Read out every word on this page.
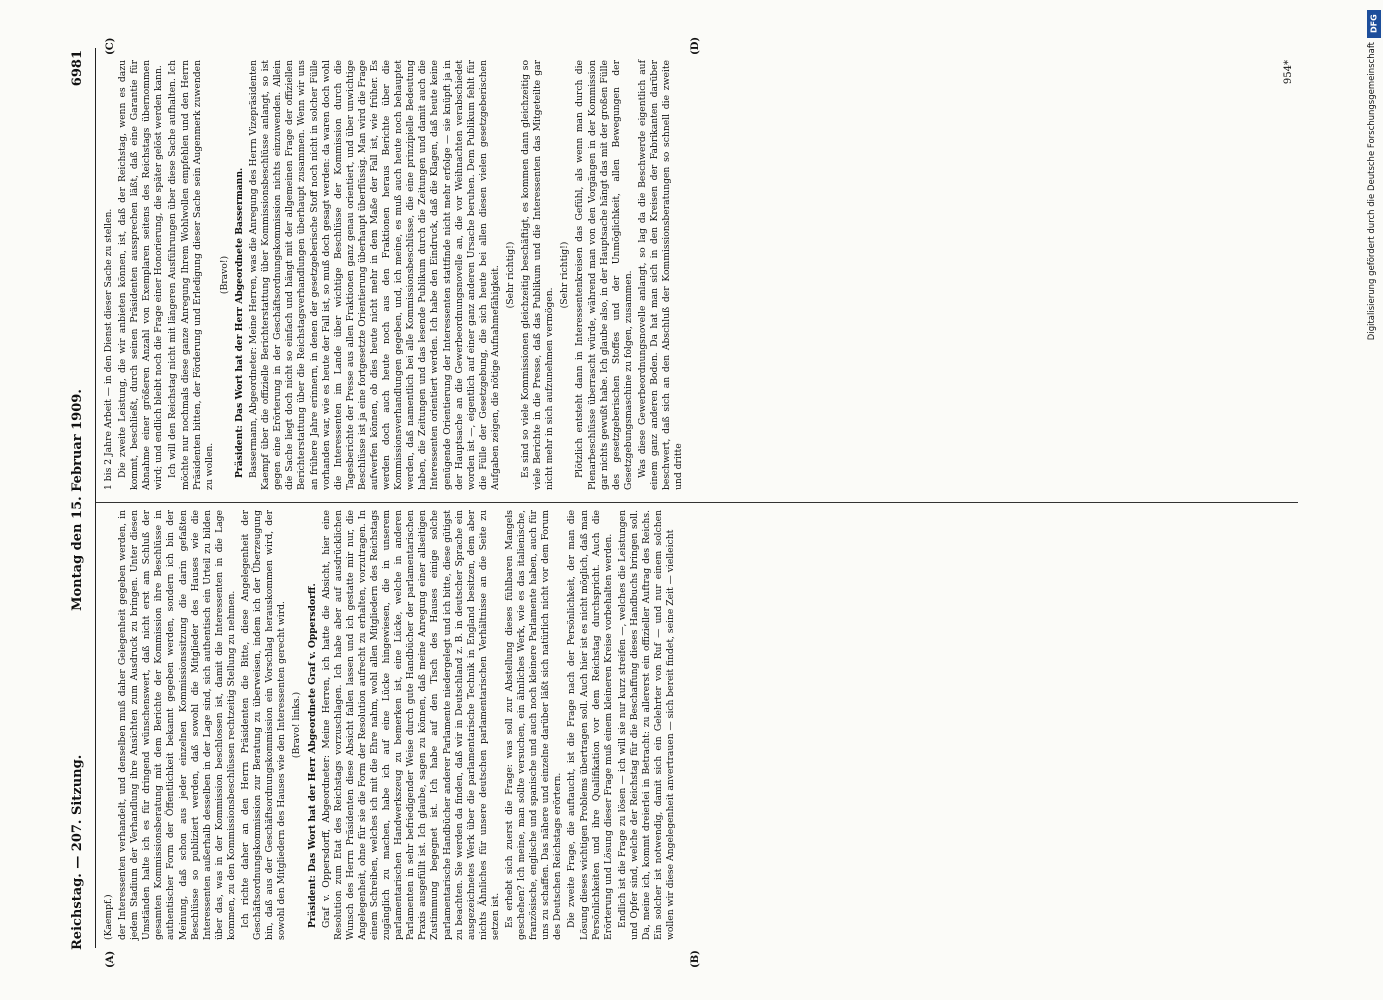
Reichstag. — 207. Sitzung.
Montag den 15. Februar 1909.
6981
(A)	(B)
(C)	(D)

(Kaempf.) der Interessenten verhandelt, und denselben muß daher Gelegenheit gegeben werden, in jedem Stadium der Verhandlung ihre Ansichten zum Ausdruck zu bringen. Unter diesen Umständen halte ich es für dringend wünschenswert, daß nicht erst am Schluß der gesamten Kommissionsberatung mit dem Berichte der Kommission ihre Beschlüsse in authentischer Form der Öffentlichkeit bekannt gegeben werden, sondern ich bin der Meinung, daß schon aus jeder einzelnen Kommissionssitzung die darin gefaßten Beschlüsse so publiziert werden, daß sowohl die Mitglieder des Hauses wie die Interessenten außerhalb desselben in der Lage sind, sich authentisch ein Urteil zu bilden über das, was in der Kommission beschlossen ist, damit die Interessenten in die Lage kommen, zu den Kommissionsbeschlüssen rechtzeitig Stellung zu nehmen. Ich richte daher an den Herrn Präsidenten die Bitte, diese Angelegenheit der Geschäftsordnungskommission zur Beratung zu überweisen, indem ich der Überzeugung bin, daß aus der Geschäftsordnungskommission ein Vorschlag herauskommen wird, der sowohl den Mitgliedern des Hauses wie den Interessenten gerecht wird. (Bravo! links.) Präsident: Das Wort hat der Herr Abgeordnete Graf v. Oppersdorff. Graf v. Oppersdorff, Abgeordneter: Meine Herren, ich hatte die Absicht, hier eine Resolution zum Etat des Reichstags vorzuschlagen. Ich habe aber auf ausdrücklichen Wunsch des Herrn Präsidenten diese Absicht fallen lassen und ich gestatte mir nur, die Angelegenheit, ohne für sie die Form der Resolution aufrecht zu erhalten, vorzutragen. In einem Schreiben, welches ich mit die Ehre nahm, wohl allen Mitgliedern des Reichstags zugänglich zu machen, habe ich auf eine Lücke hingewiesen, die in unserem parlamentarischen Handwerkszeug zu bemerken ist, eine Lücke, welche in anderen Parlamenten in sehr befriedigender Weise durch gute Handbücher der parlamentarischen Praxis ausgefüllt ist. Ich glaube, sagen zu können, daß meine Anregung einer allseitigen Zustimmung begegnet ist. Ich habe auf den Tisch des Hauses einige solche parlamentarische Handbücher anderer Parlamente niedergelegt und ich bitte, diese gütigst zu beachten. Sie werden da finden, daß wir in Deutschland z. B. in deutscher Sprache ein ausgezeichnetes Werk über die parlamentarische Technik in England besitzen, dem aber nichts Ähnliches für unsere deutschen parlamentarischen Verhältnisse an die Seite zu setzen ist. Es erhebt sich zuerst die Frage: was soll zur Abstellung dieses fühlbaren Mangels geschehen? Ich meine, man sollte versuchen, ein ähnliches Werk, wie es das italienische, französische, englische und spanische und auch noch kleinere Parlamente haben, auch für uns zu schaffen. Das nähere und einzelne darüber läßt sich natürlich nicht vor dem Forum des Deutschen Reichstags erörtern. Die zweite Frage, die auftaucht, ist die Frage nach der Persönlichkeit, der man die Lösung dieses wichtigen Problems übertragen soll. Auch hier ist es nicht möglich, daß man Persönlichkeiten und ihre Qualifikation vor dem Reichstag durchspricht. Auch die Erörterung und Lösung dieser Frage muß einem kleineren Kreise vorbehalten werden. Endlich ist die Frage zu lösen — ich will sie nur kurz streifen —, welches die Leistungen und Opfer sind, welche der Reichstag für die Beschaffung dieses Handbuchs bringen soll. Da, meine ich, kommt dreierlei in Betracht: zu allererst ein offizieller Auftrag des Reichs. Ein solcher ist notwendig, damit sich ein Gelehrter von Ruf — und nur einem solchen wollen wir diese Angelegenheit anvertrauen — sich bereit findet, seine Zeit — vielleicht

1 bis 2 Jahre Arbeit — in den Dienst dieser Sache zu stellen. Die zweite Leistung, die wir anbieten können, ist, daß der Reichstag, wenn es dazu kommt, beschließt, durch seinen Präsidenten aussprechen läßt, daß eine Garantie für Abnahme einer größeren Anzahl von Exemplaren seitens des Reichstags übernommen wird; und endlich bleibt noch die Frage einer Honorierung, die später gelöst werden kann. Ich will den Reichstag nicht mit längeren Ausführungen über diese Sache aufhalten. Ich möchte nur nochmals diese ganze Anregung Ihrem Wohlwollen empfehlen und den Herrn Präsidenten bitten, der Förderung und Erledigung dieser Sache sein Augenmerk zuwenden zu wollen.

(Bravo!) Präsident: Das Wort hat der Herr Abgeordnete Bassermann. Bassermann, Abgeordneter: Meine Herren, was die Anregung des Herrn Vizepräsidenten Kaempf über die offizielle Berichterstattung über Kommissionsbeschlüsse anlangt, so ist gegen eine Erörterung in der Geschäftsordnungskommission nichts einzuwenden. Allein die Sache liegt doch nicht so einfach und hängt mit der allgemeinen Frage der offiziellen Berichterstattung über die Reichstagsverhandlungen überhaupt zusammen. Wenn wir uns an frühere Jahre erinnern, in denen der gesetzgeberische Stoff noch nicht in solcher Fülle vorhanden war, wie es heute der Fall ist, so muß doch gesagt werden: da waren doch wohl die Interessenten im Lande über wichtige Beschlüsse der Kommission durch die Tagesberichte der Presse aus allen Fraktionen ganz genau orientiert, und über unwichtige Beschlüsse ist ja eine fortgesetzte Orientierung überhaupt überflüssig. Man wird die Frage aufwerfen können, ob dies heute nicht mehr in dem Maße der Fall ist, wie früher. Es werden doch auch heute noch aus den Fraktionen heraus Berichte über die Kommissionsverhandlungen gegeben, und, ich meine, es muß auch heute noch behauptet werden, daß namentlich bei alle Kommissionsbeschlüsse, die eine prinzipielle Bedeutung haben, die Zeitungen und das lesende Publikum durch die Zeitungen und damit auch die Interessenten orientiert werden. Ich habe den Eindruck, daß die Klagen, daß heute keine genügende Orientierung der Interessenten stattfinde nicht mehr erfolge — sie knüpft ja in der Hauptsache an die Gewerbeordnungsnovelle an, die vor Weihnachten verabschiedet worden ist —, eigentlich auf einer ganz anderen Ursache beruhen. Dem Publikum fehlt für die Fülle der Gesetzgebung, die sich heute bei allen diesen vielen gesetzgeberischen Aufgaben zeigen, die nötige Aufnahmefähigkeit. (Sehr richtig!) Es sind so viele Kommissionen gleichzeitig beschäftigt, es kommen dann gleichzeitig so viele Berichte in die Presse, daß das Publikum und die Interessenten das Mitgeteilte gar nicht mehr in sich aufzunehmen vermögen.

(Sehr richtig!) Plötzlich entsteht dann in Interessentenkreisen das Gefühl, als wenn man durch die Plenarbeschlüsse überrascht würde, während man von den Vorgängen in der Kommission gar nichts gewußt habe. Ich glaube also, in der Hauptsache hängt das mit der großen Fülle des gesetzgeberischen Stoffes und der Unmöglichkeit, allen Bewegungen der Gesetzgebungsmaschine zu folgen, zusammen. Was diese Gewerbeordnungsnovelle anlangt, so lag da die Beschwerde eigentlich auf einem ganz anderen Boden. Da hat man sich in den Kreisen der Fabrikanten darüber beschwert, daß sich an den Abschluß der Kommissionsberatungen so schnell die zweite und dritte

954*
DFG
Digitalisierung gefördert durch die Deutsche Forschungsgemeinschaft
